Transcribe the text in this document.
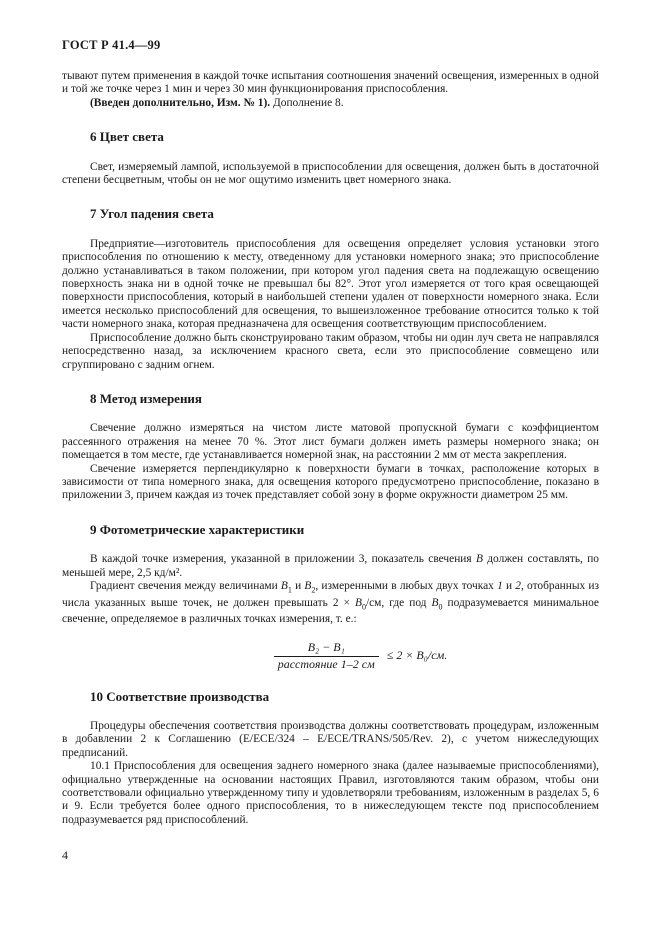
ГОСТ Р 41.4—99

тывают путем применения в каждой точке испытания соотношения значений освещения, измеренных в одной и той же точке через 1 мин и через 30 мин функционирования приспособления.

(Введен дополнительно, Изм. № 1). Дополнение 8.

6 Цвет света

Свет, измеряемый лампой, используемой в приспособлении для освещения, должен быть в достаточной степени бесцветным, чтобы он не мог ощутимо изменить цвет номерного знака.

7 Угол падения света

Предприятие—изготовитель приспособления для освещения определяет условия установки этого приспособления по отношению к месту, отведенному для установки номерного знака; это приспособление должно устанавливаться в таком положении, при котором угол падения света на подлежащую освещению поверхность знака ни в одной точке не превышал бы 82°. Этот угол измеряется от того края освещающей поверхности приспособления, который в наибольшей степени удален от поверхности номерного знака. Если имеется несколько приспособлений для освещения, то вышеизложенное требование относится только к той части номерного знака, которая предназначена для освещения соответствующим приспособлением.

Приспособление должно быть сконструировано таким образом, чтобы ни один луч света не направлялся непосредственно назад, за исключением красного света, если это приспособление совмещено или сгруппировано с задним огнем.

8 Метод измерения

Свечение должно измеряться на чистом листе матовой пропускной бумаги с коэффициентом рассеянного отражения на менее 70 %. Этот лист бумаги должен иметь размеры номерного знака; он помещается в том месте, где устанавливается номерной знак, на расстоянии 2 мм от места закрепления.

Свечение измеряется перпендикулярно к поверхности бумаги в точках, расположение которых в зависимости от типа номерного знака, для освещения которого предусмотрено приспособление, показано в приложении 3, причем каждая из точек представляет собой зону в форме окружности диаметром 25 мм.

9 Фотометрические характеристики

В каждой точке измерения, указанной в приложении 3, показатель свечения B должен составлять, по меньшей мере, 2,5 кд/м².

Градиент свечения между величинами $B_1$ и $B_2$, измеренными в любых двух точках 1 и 2, отобранных из числа указанных выше точек, не должен превышать $2 \times B_0/см$, где под $B_0$ подразумевается минимальное свечение, определяемое в различных точках измерения, т. е.:

$\frac{\text{B₂ − B₁}}{\text{расстояние 1–2 см}} \le 2 \times B_0/см$.
10 Соответствие производства

Процедуры обеспечения соответствия производства должны соответствовать процедурам, изложенным в добавлении 2 к Соглашению (E/ECE/324 – E/ECE/TRANS/505/Rev. 2), с учетом нижеследующих предписаний.

10.1 Приспособления для освещения заднего номерного знака (далее называемые приспособлениями), официально утвержденные на основании настоящих Правил, изготовляются таким образом, чтобы они соответствовали официально утвержденному типу и удовлетворяли требованиям, изложенным в разделах 5, 6 и 9. Если требуется более одного приспособления, то в нижеследующем тексте под приспособлением подразумевается ряд приспособлений.

4
